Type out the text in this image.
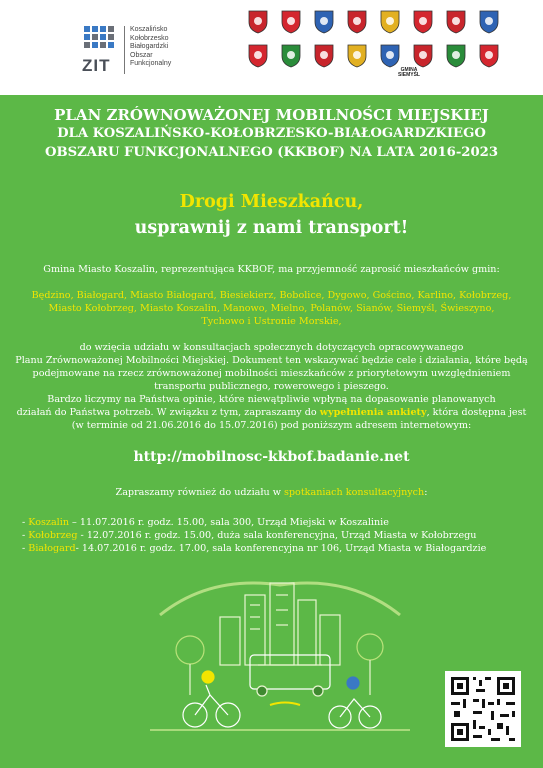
ZIT
Koszalińsko
Kołobrzesko
Białogardzki
Obszar
Funkcjonalny
GMINA
SIEMYŚL
PLAN ZRÓWNOWAŻONEJ MOBILNOŚCI MIEJSKIEJ
DLA KOSZALIŃSKO-KOŁOBRZESKO-BIAŁOGARDZKIEGO
OBSZARU FUNKCJONALNEGO (KKBOF) NA LATA 2016-2023
Drogi Mieszkańcu,
usprawnij z nami transport!
Gmina Miasto Koszalin, reprezentująca KKBOF, ma przyjemność zaprosić mieszkańców gmin:
Będzino, Białogard, Miasto Białogard, Biesiekierz, Bobolice, Dygowo, Gościno, Karlino, Kołobrzeg,
Miasto Kołobrzeg, Miasto Koszalin, Manowo, Mielno, Polanów, Sianów, Siemyśl, Świeszyno,
Tychowo i Ustronie Morskie,
do wzięcia udziału w konsultacjach społecznych dotyczących opracowywanego
Planu Zrównoważonej Mobilności Miejskiej. Dokument ten wskazywać będzie cele i działania, które będą
podejmowane na rzecz zrównoważonej mobilności mieszkańców z priorytetowym uwzględnieniem
transportu publicznego, rowerowego i pieszego.
Bardzo liczymy na Państwa opinie, które niewątpliwie wpłyną na dopasowanie planowanych
działań do Państwa potrzeb. W związku z tym, zapraszamy do wypełnienia ankiety, która dostępna jest
(w terminie od 21.06.2016 do 15.07.2016) pod poniższym adresem internetowym:
http://mobilnosc-kkbof.badanie.net
Zapraszamy również do udziału w spotkaniach konsultacyjnych:
- Koszalin – 11.07.2016 r. godz. 15.00, sala 300, Urząd Miejski w Koszalinie
- Kołobrzeg - 12.07.2016 r. godz. 15.00, duża sala konferencyjna, Urząd Miasta w Kołobrzegu
- Białogard- 14.07.2016 r. godz. 17.00, sala konferencyjna nr 106, Urząd Miasta w Białogardzie
